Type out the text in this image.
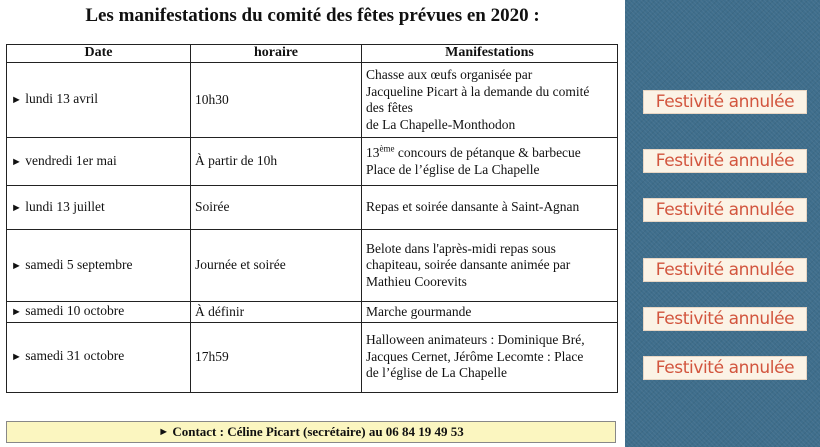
Les manifestations du comité des fêtes prévues en 2020 :
Date	horaire	Manifestations
► lundi 13 avril	10h30	Chasse aux œufs organisée par
Jacqueline Picart à la demande du comité
des fêtes
de La Chapelle-Monthodon

► vendredi 1er mai	À partir de 10h	13ème concours de pétanque & barbecue
Place de l’église de La Chapelle

► lundi 13 juillet	Soirée	Repas et soirée dansante à Saint-Agnan

► samedi 5 septembre	Journée et soirée	Belote dans l'après-midi repas sous
chapiteau, soirée dansante animée par
Mathieu Coorevits

► samedi 10 octobre	À définir	Marche gourmande

► samedi 31 octobre	17h59	Halloween animateurs : Dominique Bré,
Jacques Cernet, Jérôme Lecomte : Place
de l’église de La Chapelle
►
Contact : Céline Picart (secrétaire) au 06 84 19 49 53
Festivité annulée
Festivité annulée
Festivité annulée
Festivité annulée
Festivité annulée
Festivité annulée
